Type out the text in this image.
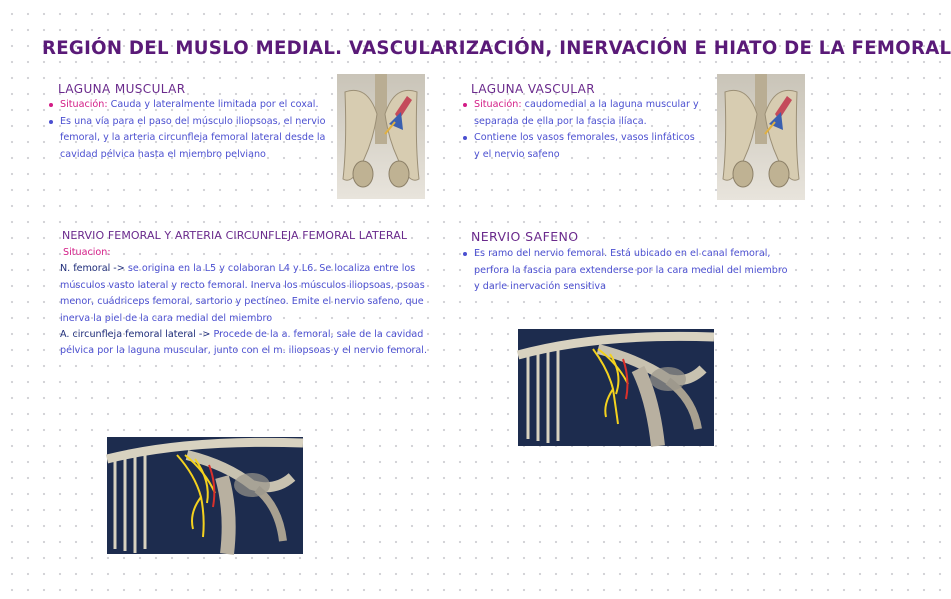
REGIÓN DEL MUSLO MEDIAL. VASCULARIZACIÓN, INERVACIÓN E HIATO DE LA FEMORAL
LAGUNA MUSCULAR

Situación: Cauda y lateralmente limitada por el coxal.

Es una vía para el paso del músculo iliopsoas, el nervio femoral, y la arteria circunfleja femoral lateral desde la cavidad pélvica hasta el miembro pelviano

LAGUNA VASCULAR

Situación: caudomedial a la laguna muscular y separada de ella por la fascia ilíaca.

Contiene los vasos femorales, vasos linfáticos y el nervio safeno

NERVIO FEMORAL Y ARTERIA CIRCUNFLEJA FEMORAL LATERAL

Situacion:

N. femoral -> se origina en la L5 y colaboran L4 y L6. Se localiza entre los músculos vasto lateral y recto femoral. Inerva los músculos iliopsoas, psoas menor, cuádriceps femoral, sartorio y pectíneo. Emite el nervio safeno, que inerva la piel de la cara medial del miembro

A. circunfleja femoral lateral -> Procede de la a. femoral, sale de la cavidad pélvica por la laguna muscular, junto con el m. iliopsoas y el nervio femoral.

NERVIO SAFENO

Es ramo del nervio femoral. Está ubicado en el canal femoral, perfora la fascia para extenderse por la cara medial del miembro y darle inervación sensitiva
